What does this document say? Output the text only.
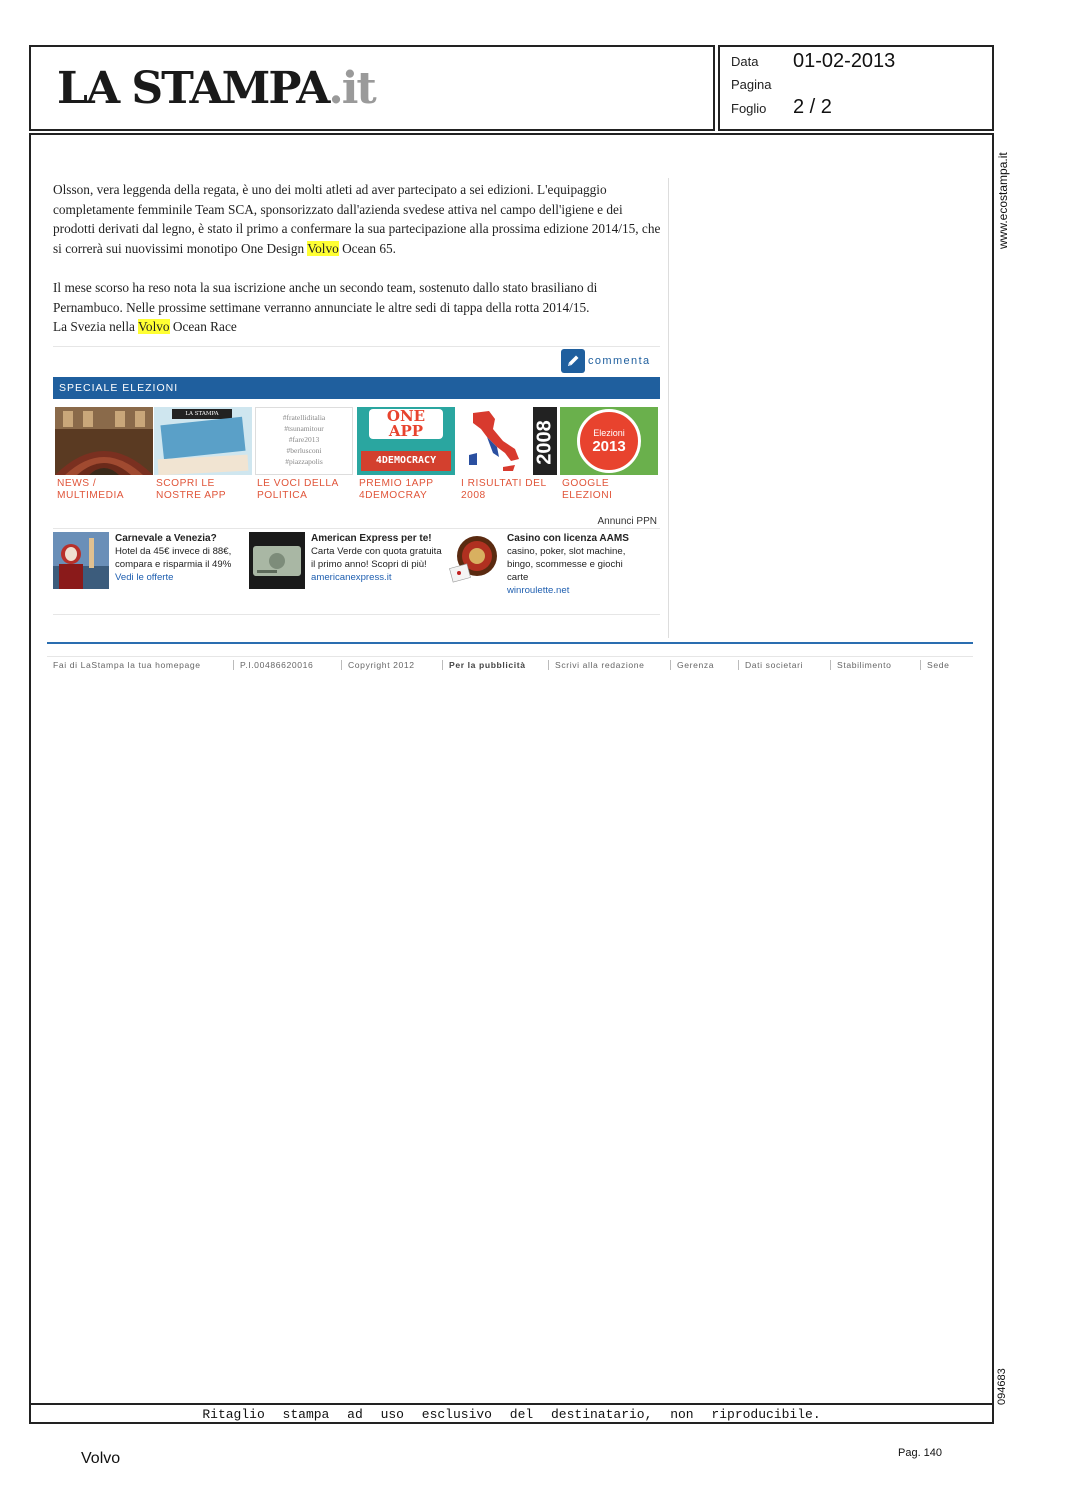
LA STAMPA.it
Data 01-02-2013
Pagina
Foglio 2 / 2
www.ecostampa.it
094683
Ritaglio stampa ad uso esclusivo del destinatario, non riproducibile.
Olsson, vera leggenda della regata, è uno dei molti atleti ad aver partecipato a sei edizioni. L'equipaggio completamente femminile Team SCA, sponsorizzato dall'azienda svedese attiva nel campo dell'igiene e dei prodotti derivati dal legno, è stato il primo a confermare la sua partecipazione alla prossima edizione 2014/15, che si correrà sui nuovissimi monotipo One Design Volvo Ocean 65.
Il mese scorso ha reso nota la sua iscrizione anche un secondo team, sostenuto dallo stato brasiliano di Pernambuco. Nelle prossime settimane verranno annunciate le altre sedi di tappa della rotta 2014/15.
La Svezia nella Volvo Ocean Race
commenta
SPECIALE ELEZIONI
NEWS / MULTIMEDIA
LA STAMPA
SCOPRI LE NOSTRE APP
#fratelliditalia
#tsunamitour
#fare2013
#berlusconi
#piazzapolis
LE VOCI DELLA POLITICA
ONE
APP
4DEMOCRACY
PREMIO 1APP 4DEMOCRAY
2008
I RISULTATI DEL 2008
Elezioni
2013
GOOGLE ELEZIONI
Annunci PPN
Carnevale a Venezia?
Hotel da 45€ invece di 88€, compara e risparmia il 49%
Vedi le offerte
American Express per te!
Carta Verde con quota gratuita il primo anno! Scopri di più!
americanexpress.it
Casino con licenza AAMS
casino, poker, slot machine, bingo, scommesse e giochi carte
winroulette.net
Fai di LaStampa la tua homepage	P.I.00486620016	Copyright 2012	Per la pubblicità	Scrivi alla redazione	Gerenza	Dati societari	Stabilimento	Sede
Volvo	Pag. 140
